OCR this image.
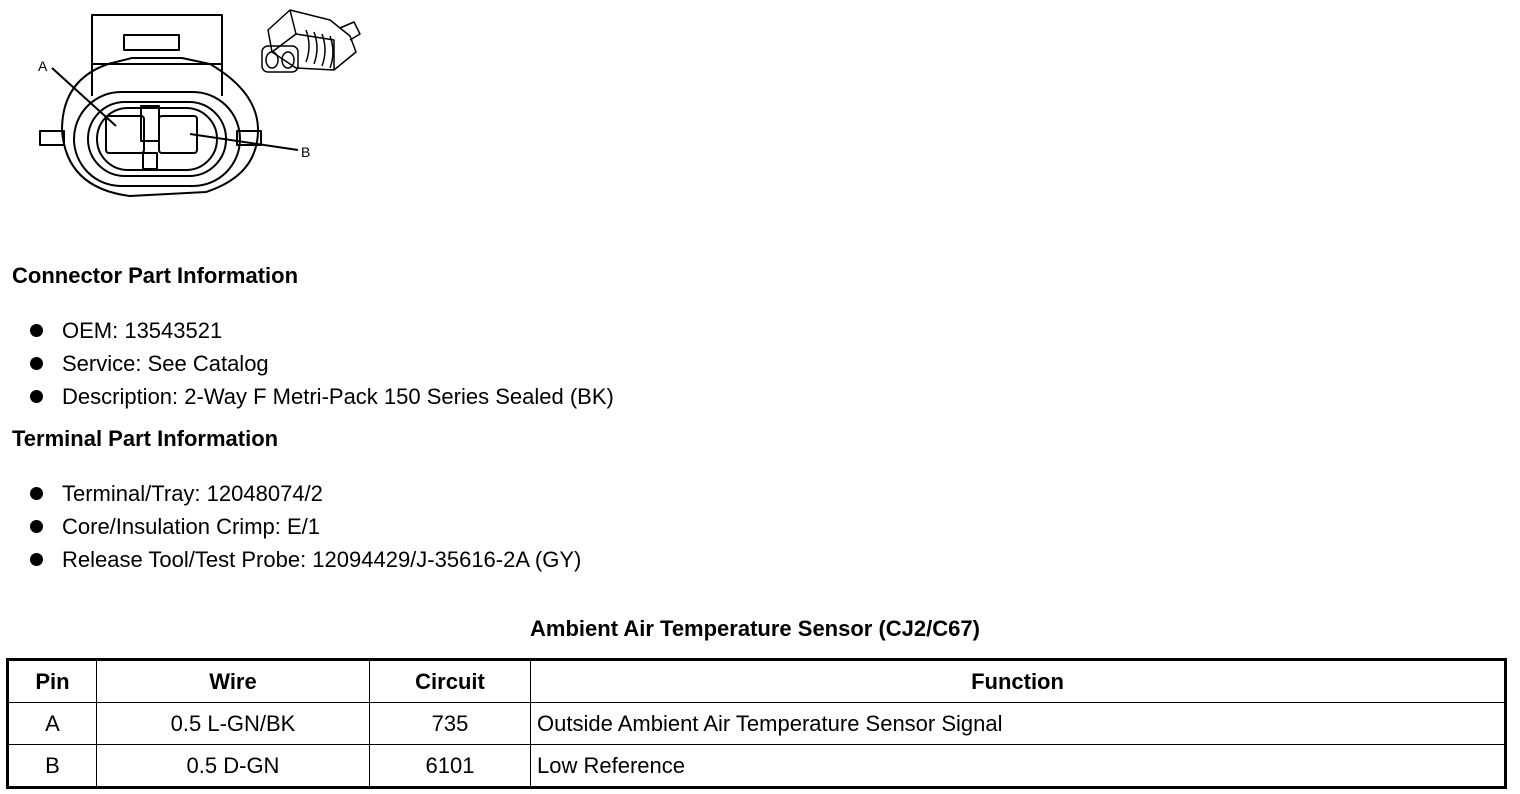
A
B
Connector Part Information
OEM: 13543521
Service: See Catalog
Description: 2-Way F Metri-Pack 150 Series Sealed (BK)
Terminal Part Information
Terminal/Tray: 12048074/2
Core/Insulation Crimp: E/1
Release Tool/Test Probe: 12094429/J-35616-2A (GY)
Ambient Air Temperature Sensor (CJ2/C67)
Pin	Wire	Circuit	Function
A	0.5 L-GN/BK	735	Outside Ambient Air Temperature Sensor Signal
B	0.5 D-GN	6101	Low Reference
